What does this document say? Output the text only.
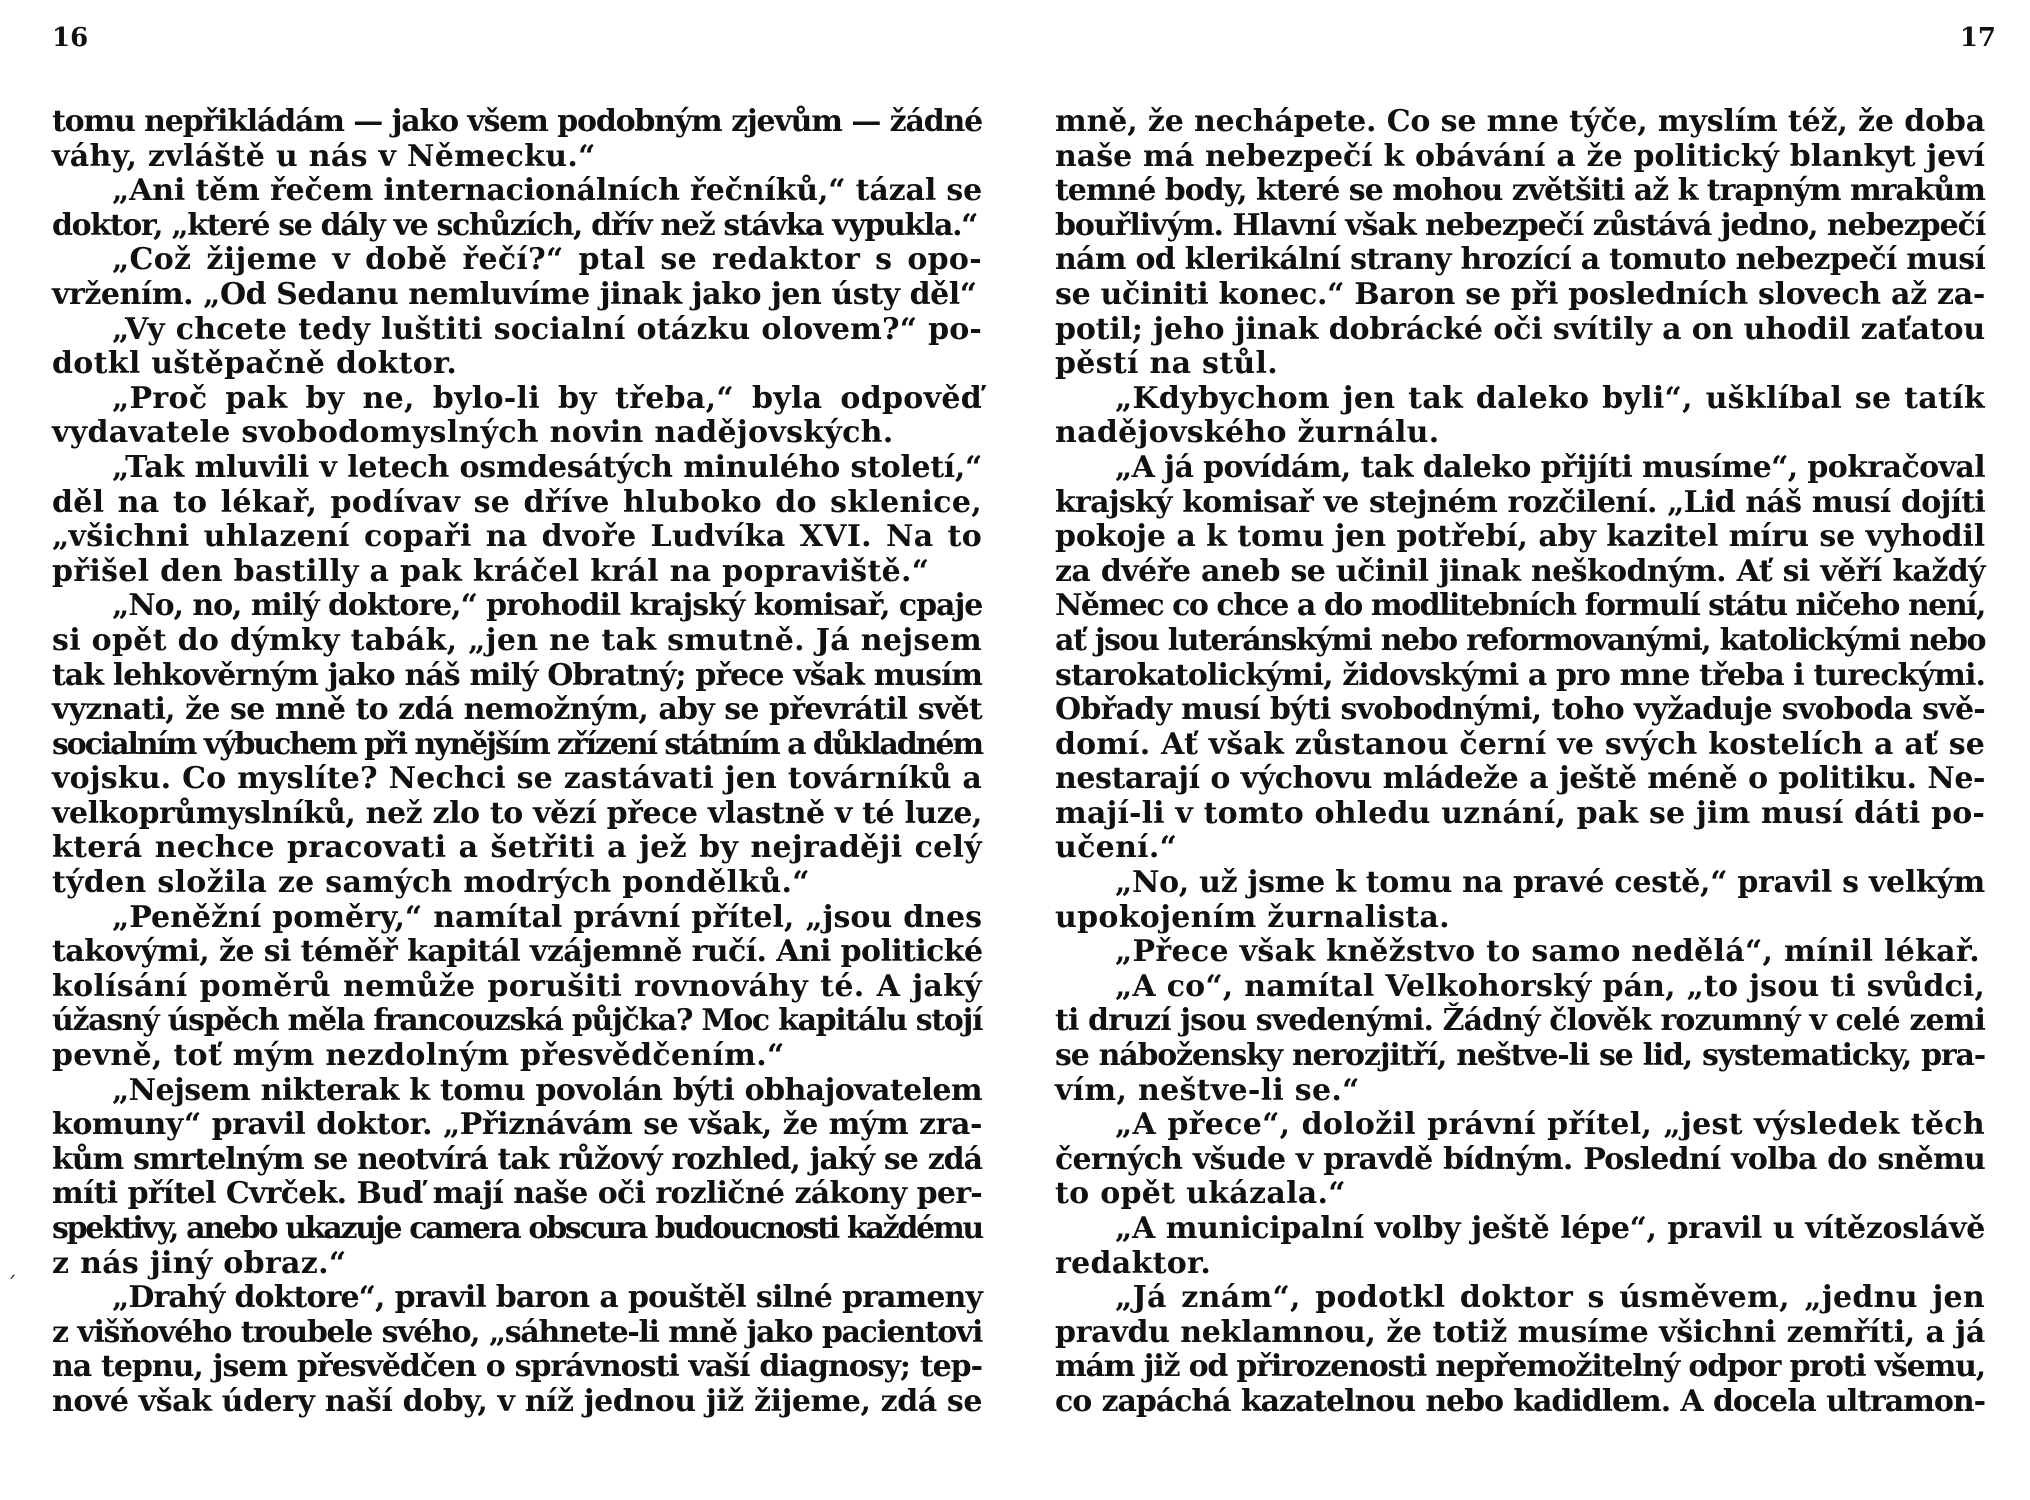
16
tomu nepřikládám — jako všem podobným zjevům — žádné
váhy, zvláště u nás v Německu.“
„Ani těm řečem internacionálních řečníků,“ tázal se
doktor, „které se dály ve schůzích, dřív než stávka vypukla.“
„Což žijeme v době řečí?“ ptal se redaktor s opo-
vržením. „Od Sedanu nemluvíme jinak jako jen ústy děl“
„Vy chcete tedy luštiti socialní otázku olovem?“ po-
dotkl uštěpačně doktor.
„Proč pak by ne, bylo-li by třeba,“ byla odpověď
vydavatele svobodomyslných novin nadějovských.
„Tak mluvili v letech osmdesátých minulého století,“
děl na to lékař, podívav se dříve hluboko do sklenice,
„všichni uhlazení copaři na dvoře Ludvíka XVI. Na to
přišel den bastilly a pak kráčel král na popraviště.“
„No, no, milý doktore,“ prohodil krajský komisař, cpaje
si opět do dýmky tabák, „jen ne tak smutně. Já nejsem
tak lehkověrným jako náš milý Obratný; přece však musím
vyznati, že se mně to zdá nemožným, aby se převrátil svět
socialním výbuchem při nynějším zřízení státním a důkladném
vojsku. Co myslíte? Nechci se zastávati jen továrníků a
velkoprůmyslníků, než zlo to vězí přece vlastně v té luze,
která nechce pracovati a šetřiti a jež by nejraději celý
týden složila ze samých modrých pondělků.“
„Peněžní poměry,“ namítal právní přítel, „jsou dnes
takovými, že si téměř kapitál vzájemně ručí. Ani politické
kolísání poměrů nemůže porušiti rovnováhy té. A jaký
úžasný úspěch měla francouzská půjčka? Moc kapitálu stojí
pevně, toť mým nezdolným přesvědčením.“
„Nejsem nikterak k tomu povolán býti obhajovatelem
komuny“ pravil doktor. „Přiznávám se však, že mým zra-
kům smrtelným se neotvírá tak růžový rozhled, jaký se zdá
míti přítel Cvrček. Buď mají naše oči rozličné zákony per-
spektivy, anebo ukazuje camera obscura budoucnosti každému
z nás jiný obraz.“
„Drahý doktore“, pravil baron a pouštěl silné prameny
z višňového troubele svého, „sáhnete-li mně jako pacientovi
na tepnu, jsem přesvědčen o správnosti vaší diagnosy; tep-
nové však údery naší doby, v níž jednou již žijeme, zdá se
17
mně, že nechápete. Co se mne týče, myslím též, že doba
naše má nebezpečí k obávání a že politický blankyt jeví
temné body, které se mohou zvětšiti až k trapným mrakům
bouřlivým. Hlavní však nebezpečí zůstává jedno, nebezpečí
nám od klerikální strany hrozící a tomuto nebezpečí musí
se učiniti konec.“ Baron se při posledních slovech až za-
potil; jeho jinak dobrácké oči svítily a on uhodil zaťatou
pěstí na stůl.
„Kdybychom jen tak daleko byli“, ušklíbal se tatík
nadějovského žurnálu.
„A já povídám, tak daleko přijíti musíme“, pokračoval
krajský komisař ve stejném rozčilení. „Lid náš musí dojíti
pokoje a k tomu jen potřebí, aby kazitel míru se vyhodil
za dvéře aneb se učinil jinak neškodným. Ať si věří každý
Němec co chce a do modlitebních formulí státu ničeho není,
ať jsou luteránskými nebo reformovanými, katolickými nebo
starokatolickými, židovskými a pro mne třeba i tureckými.
Obřady musí býti svobodnými, toho vyžaduje svoboda svě-
domí. Ať však zůstanou černí ve svých kostelích a ať se
nestarají o výchovu mládeže a ještě méně o politiku. Ne-
mají-li v tomto ohledu uznání, pak se jim musí dáti po-
učení.“
„No, už jsme k tomu na pravé cestě,“ pravil s velkým
upokojením žurnalista.
„Přece však kněžstvo to samo nedělá“, mínil lékař.
„A co“, namítal Velkohorský pán, „to jsou ti svůdci,
ti druzí jsou svedenými. Žádný člověk rozumný v celé zemi
se nábožensky nerozjitří, neštve-li se lid, systematicky, pra-
vím, neštve-li se.“
„A přece“, doložil právní přítel, „jest výsledek těch
černých všude v pravdě bídným. Poslední volba do sněmu
to opět ukázala.“
„A municipalní volby ještě lépe“, pravil u vítězoslávě
redaktor.
„Já znám“, podotkl doktor s úsměvem, „jednu jen
pravdu neklamnou, že totiž musíme všichni zemříti, a já
mám již od přirozenosti nepřemožitelný odpor proti všemu,
co zapáchá kazatelnou nebo kadidlem. A docela ultramon-
´
